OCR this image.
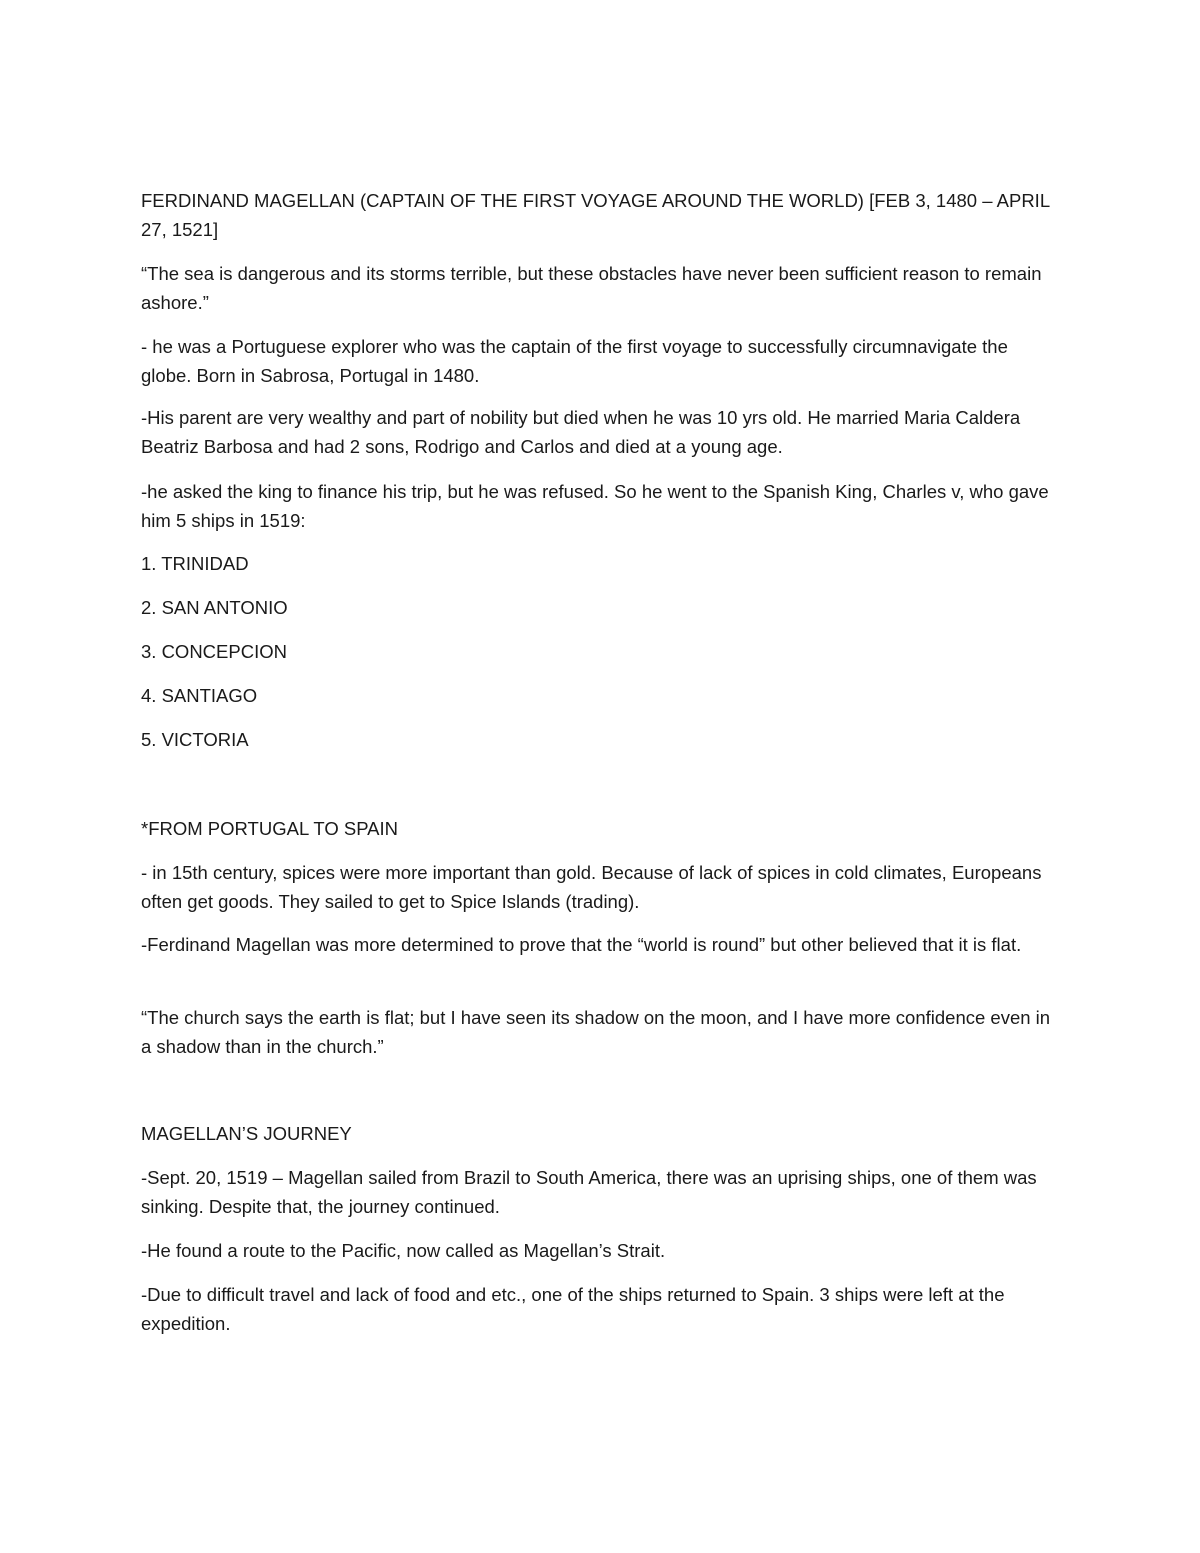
FERDINAND MAGELLAN (CAPTAIN OF THE FIRST VOYAGE AROUND THE WORLD) [FEB 3, 1480 – APRIL 27, 1521]

“The sea is dangerous and its storms terrible, but these obstacles have never been sufficient reason to remain ashore.”

- he was a Portuguese explorer who was the captain of the first voyage to successfully circumnavigate the globe. Born in Sabrosa, Portugal in 1480.

-His parent are very wealthy and part of nobility but died when he was 10 yrs old. He married Maria Caldera Beatriz Barbosa and had 2 sons, Rodrigo and Carlos and died at a young age.

-he asked the king to finance his trip, but he was refused. So he went to the Spanish King, Charles v, who gave him 5 ships in 1519:

1. TRINIDAD

2. SAN ANTONIO

3. CONCEPCION

4. SANTIAGO

5. VICTORIA

*FROM PORTUGAL TO SPAIN

- in 15th century, spices were more important than gold. Because of lack of spices in cold climates, Europeans often get goods. They sailed to get to Spice Islands (trading).

-Ferdinand Magellan was more determined to prove that the “world is round” but other believed that it is flat.

“The church says the earth is flat; but I have seen its shadow on the moon, and I have more confidence even in a shadow than in the church.”

MAGELLAN’S JOURNEY

-Sept. 20, 1519 – Magellan sailed from Brazil to South America, there was an uprising ships, one of them was sinking. Despite that, the journey continued.

-He found a route to the Pacific, now called as Magellan’s Strait.

-Due to difficult travel and lack of food and etc., one of the ships returned to Spain. 3 ships were left at the expedition.
